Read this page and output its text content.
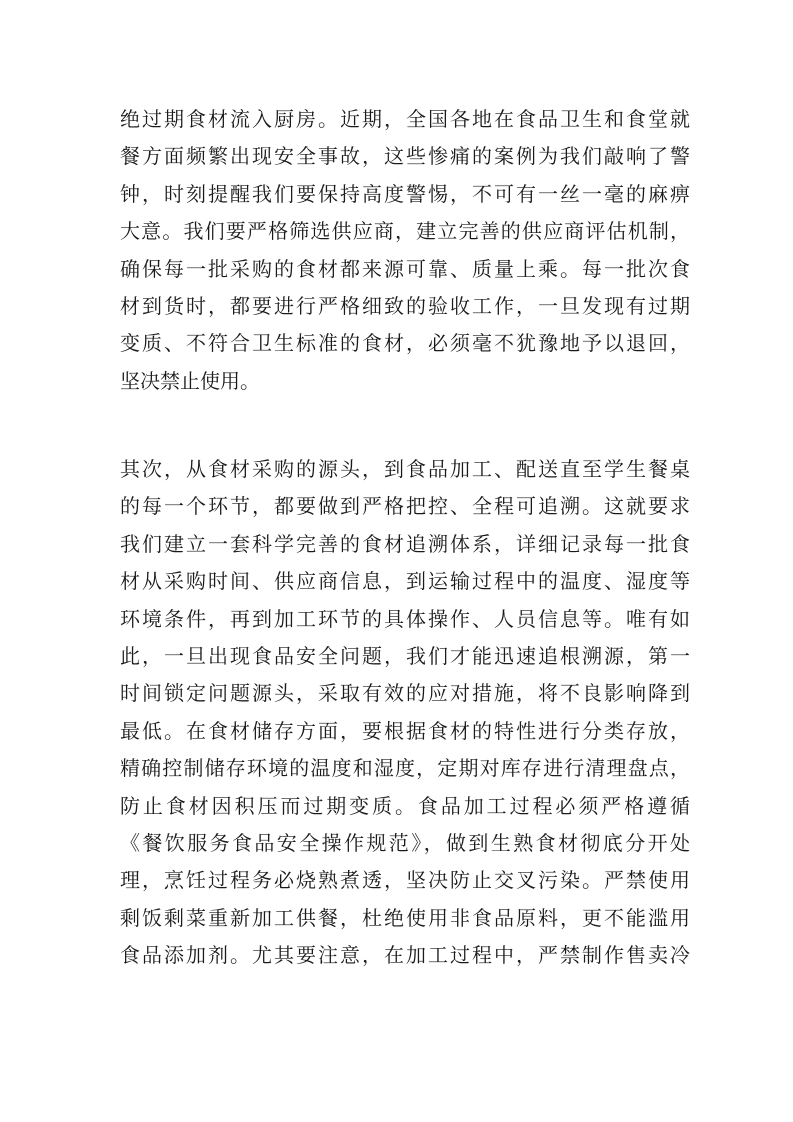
绝过期食材流入厨房。近期，全国各地在食品卫生和食堂就
餐方面频繁出现安全事故，这些惨痛的案例为我们敲响了警
钟，时刻提醒我们要保持高度警惕，不可有一丝一毫的麻痹
大意。我们要严格筛选供应商，建立完善的供应商评估机制，
确保每一批采购的食材都来源可靠、质量上乘。每一批次食
材到货时，都要进行严格细致的验收工作，一旦发现有过期
变质、不符合卫生标准的食材，必须毫不犹豫地予以退回，
坚决禁止使用。
其次，从食材采购的源头，到食品加工、配送直至学生餐桌
的每一个环节，都要做到严格把控、全程可追溯。这就要求
我们建立一套科学完善的食材追溯体系，详细记录每一批食
材从采购时间、供应商信息，到运输过程中的温度、湿度等
环境条件，再到加工环节的具体操作、人员信息等。唯有如
此，一旦出现食品安全问题，我们才能迅速追根溯源，第一
时间锁定问题源头，采取有效的应对措施，将不良影响降到
最低。在食材储存方面，要根据食材的特性进行分类存放，
精确控制储存环境的温度和湿度，定期对库存进行清理盘点，
防止食材因积压而过期变质。食品加工过程必须严格遵循
《餐饮服务食品安全操作规范》，做到生熟食材彻底分开处
理，烹饪过程务必烧熟煮透，坚决防止交叉污染。严禁使用
剩饭剩菜重新加工供餐，杜绝使用非食品原料，更不能滥用
食品添加剂。尤其要注意，在加工过程中，严禁制作售卖冷
